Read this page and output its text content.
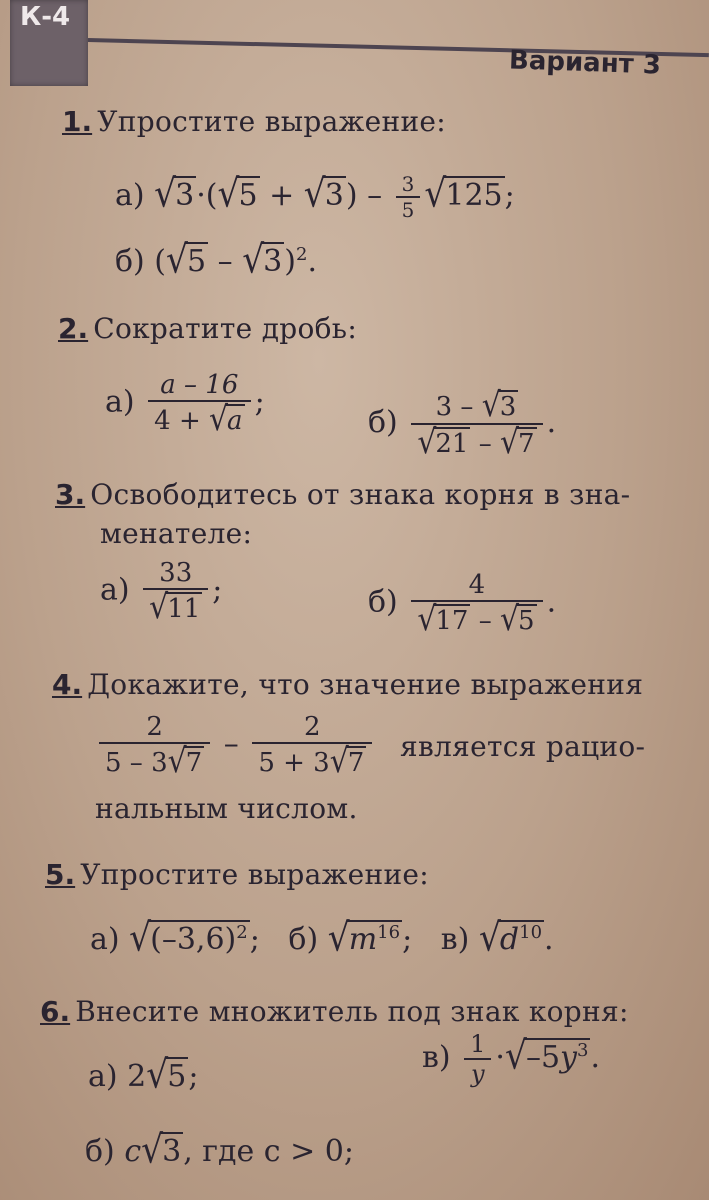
К-4
Вариант 3
1. Упростите выражение:
а) $√3\cdot(√5 + √3) - \frac{3}{5} √125$;
б) (√5 – √3)$^2$.
2. Сократите дробь:
$а) \frac{a - 16}{4 + √a}$ ;
$б) \frac{3 - √3}{√21 - √7}$ .
3. Освободитесь от знака корня в зна-
менателе:
$а) \frac{33}{√11}$ ;	$б) \frac{4}{√17 - √5}$ .
4. Докажите, что значение выражения
$\frac{2}{5 - 3√7} - \frac{2}{5 + 3√7}$ является рацио-
нальным числом.
5. Упростите выражение:
а) $√(-3,6)^2$; б) $√m^{16}$; в) $√d^{10}$.
6. Внесите множитель под знак корня:
а) 2√5;
$в) \frac{1}{y} \cdot√-5y^3$.
б) c√3, где c > 0;
